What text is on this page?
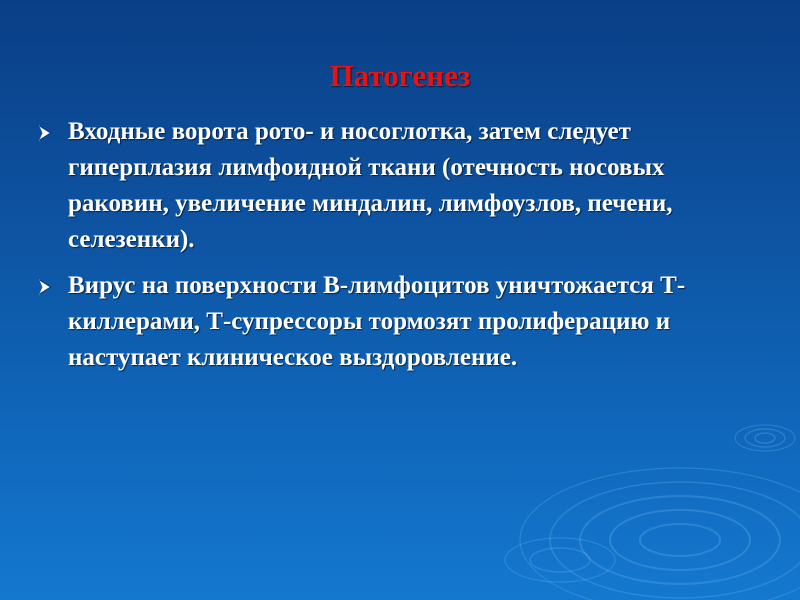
Патогенез
Входные ворота рото- и носоглотка, затем следует гиперплазия лимфоидной ткани (отечность носовых раковин, увеличение миндалин, лимфоузлов, печени, селезенки).
Вирус на поверхности В-лимфоцитов уничтожается Т-киллерами, Т-супрессоры тормозят пролиферацию и наступает клиническое выздоровление.
